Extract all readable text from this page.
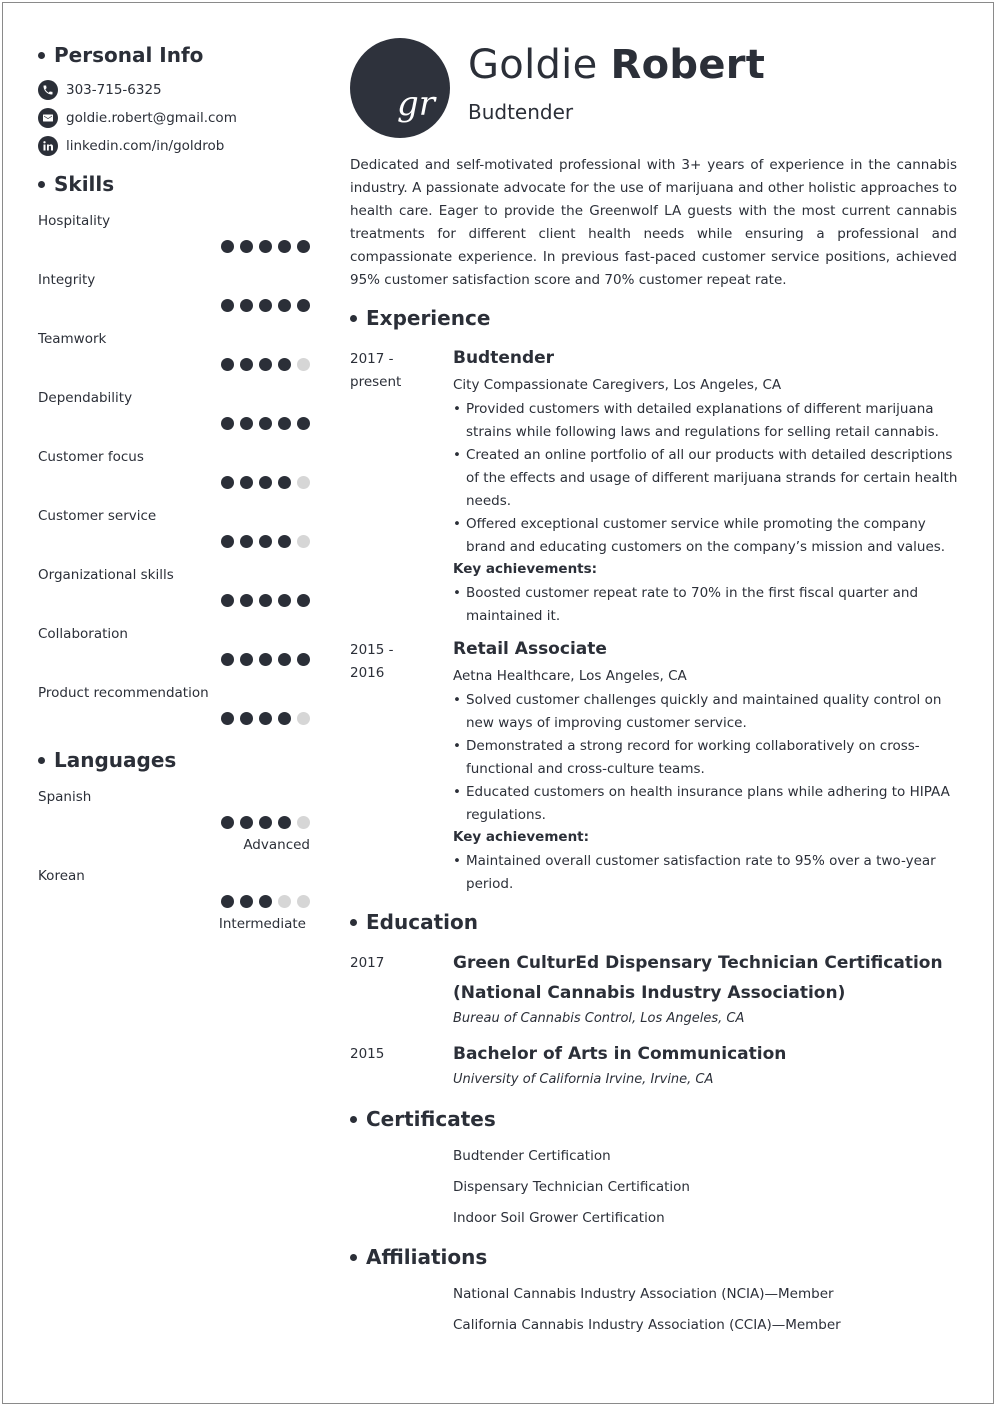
Personal Info
303-715-6325
goldie.robert@gmail.com
linkedin.com/in/goldrob
Skills
Hospitality
Integrity
Teamwork
Dependability
Customer focus
Customer service
Organizational skills
Collaboration
Product recommendation
Languages
Spanish
Advanced
Korean
Intermediate
gr
Goldie Robert
Budtender

Dedicated and self-motivated professional with 3+ years of experience in the cannabis industry. A passionate advocate for the use of marijuana and other holistic approaches to health care. Eager to provide the Greenwolf LA guests with the most current cannabis treatments for different client health needs while ensuring a professional and compassionate experience. In previous fast-paced customer service positions, achieved 95% customer satisfaction score and 70% customer repeat rate.

Experience
2017 -
present
Budtender
City Compassionate Caregivers, Los Angeles, CA
• Provided customers with detailed explanations of different marijuana strains while following laws and regulations for selling retail cannabis.
• Created an online portfolio of all our products with detailed descriptions of the effects and usage of different marijuana strands for certain health needs.
• Offered exceptional customer service while promoting the company brand and educating customers on the company’s mission and values.
Key achievements:
• Boosted customer repeat rate to 70% in the first fiscal quarter and maintained it.
2015 -
2016
Retail Associate
Aetna Healthcare, Los Angeles, CA
• Solved customer challenges quickly and maintained quality control on new ways of improving customer service.
• Demonstrated a strong record for working collaboratively on cross-functional and cross-culture teams.
• Educated customers on health insurance plans while adhering to HIPAA regulations.
Key achievement:
• Maintained overall customer satisfaction rate to 95% over a two-year period.
Education
2017	Green CulturEd Dispensary Technician Certification (National Cannabis Industry Association)
Bureau of Cannabis Control, Los Angeles, CA
2015	Bachelor of Arts in Communication
University of California Irvine, Irvine, CA
Certificates
Budtender Certification
Dispensary Technician Certification
Indoor Soil Grower Certification
Affiliations
National Cannabis Industry Association (NCIA)—Member
California Cannabis Industry Association (CCIA)—Member
